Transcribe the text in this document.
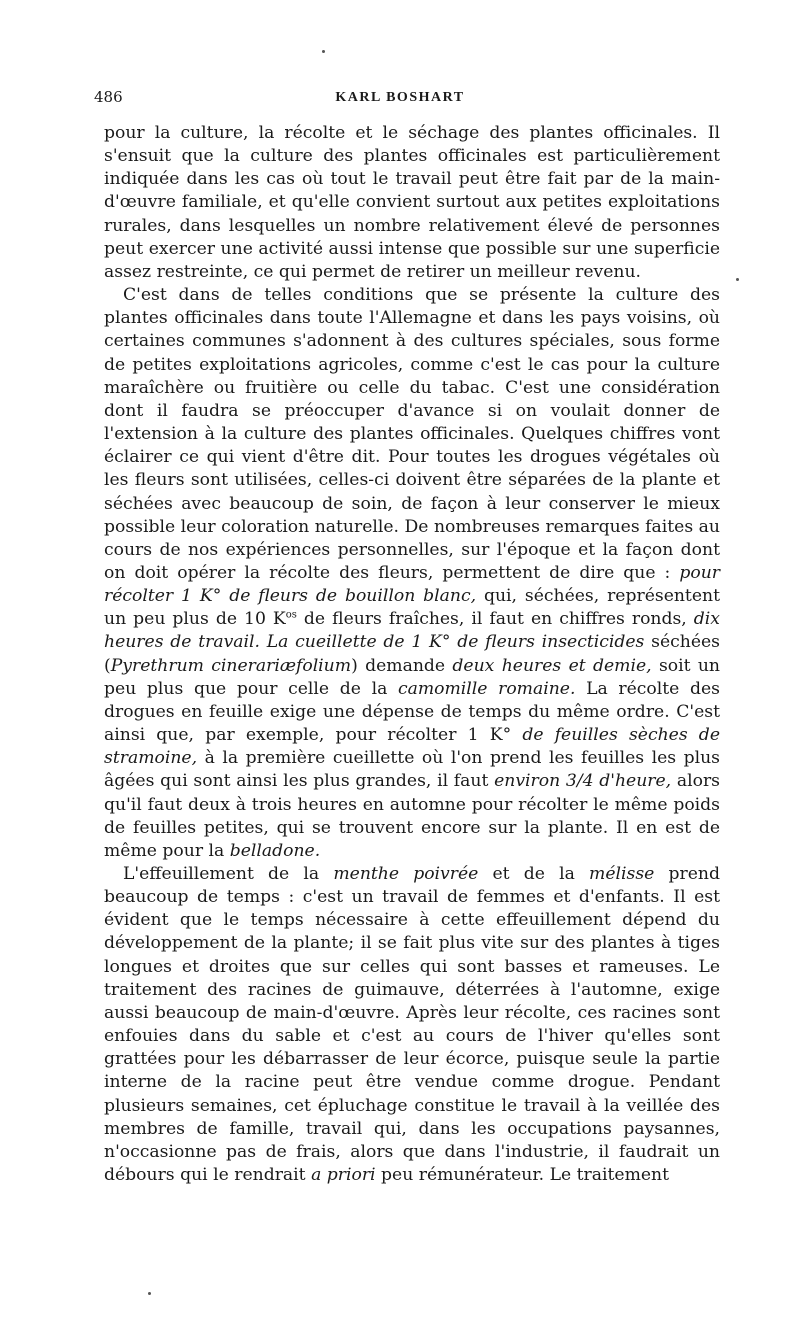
486	KARL BOSHART

pour la culture, la récolte et le séchage des plantes officinales. Il s'ensuit que la culture des plantes officinales est particulièrement indiquée dans les cas où tout le travail peut être fait par de la main-d'œuvre familiale, et qu'elle convient surtout aux petites exploitations rurales, dans lesquelles un nombre relativement élevé de personnes peut exercer une activité aussi intense que possible sur une superficie assez restreinte, ce qui permet de retirer un meilleur revenu.

C'est dans de telles conditions que se présente la culture des plantes officinales dans toute l'Allemagne et dans les pays voisins, où certaines communes s'adonnent à des cultures spéciales, sous forme de petites exploitations agricoles, comme c'est le cas pour la culture maraîchère ou fruitière ou celle du tabac. C'est une considération dont il faudra se préoccuper d'avance si on voulait donner de l'extension à la culture des plantes officinales. Quelques chiffres vont éclairer ce qui vient d'être dit. Pour toutes les drogues végétales où les fleurs sont utilisées, celles-ci doivent être séparées de la plante et séchées avec beaucoup de soin, de façon à leur conserver le mieux possible leur coloration naturelle. De nombreuses remarques faites au cours de nos expériences personnelles, sur l'époque et la façon dont on doit opérer la récolte des fleurs, permettent de dire que : pour récolter 1 K° de fleurs de bouillon blanc, qui, séchées, représentent un peu plus de 10 $K^{os}$ de fleurs fraîches, il faut en chiffres ronds, dix heures de travail. La cueillette de 1 K° de fleurs insecticides séchées (Pyrethrum cinerariæfolium) demande deux heures et demie, soit un peu plus que pour celle de la camomille romaine. La récolte des drogues en feuille exige une dépense de temps du même ordre. C'est ainsi que, par exemple, pour récolter 1 K° de feuilles sèches de stramoine, à la première cueillette où l'on prend les feuilles les plus âgées qui sont ainsi les plus grandes, il faut environ 3/4 d'heure, alors qu'il faut deux à trois heures en automne pour récolter le même poids de feuilles petites, qui se trouvent encore sur la plante. Il en est de même pour la belladone.

L'effeuillement de la menthe poivrée et de la mélisse prend beaucoup de temps : c'est un travail de femmes et d'enfants. Il est évident que le temps nécessaire à cette effeuillement dépend du développement de la plante; il se fait plus vite sur des plantes à tiges longues et droites que sur celles qui sont basses et rameuses. Le traitement des racines de guimauve, déterrées à l'automne, exige aussi beaucoup de main-d'œuvre. Après leur récolte, ces racines sont enfouies dans du sable et c'est au cours de l'hiver qu'elles sont grattées pour les débarrasser de leur écorce, puisque seule la partie interne de la racine peut être vendue comme drogue. Pendant plusieurs semaines, cet épluchage constitue le travail à la veillée des membres de famille, travail qui, dans les occupations paysannes, n'occasionne pas de frais, alors que dans l'industrie, il faudrait un débours qui le rendrait a priori peu rémunérateur. Le traitement
